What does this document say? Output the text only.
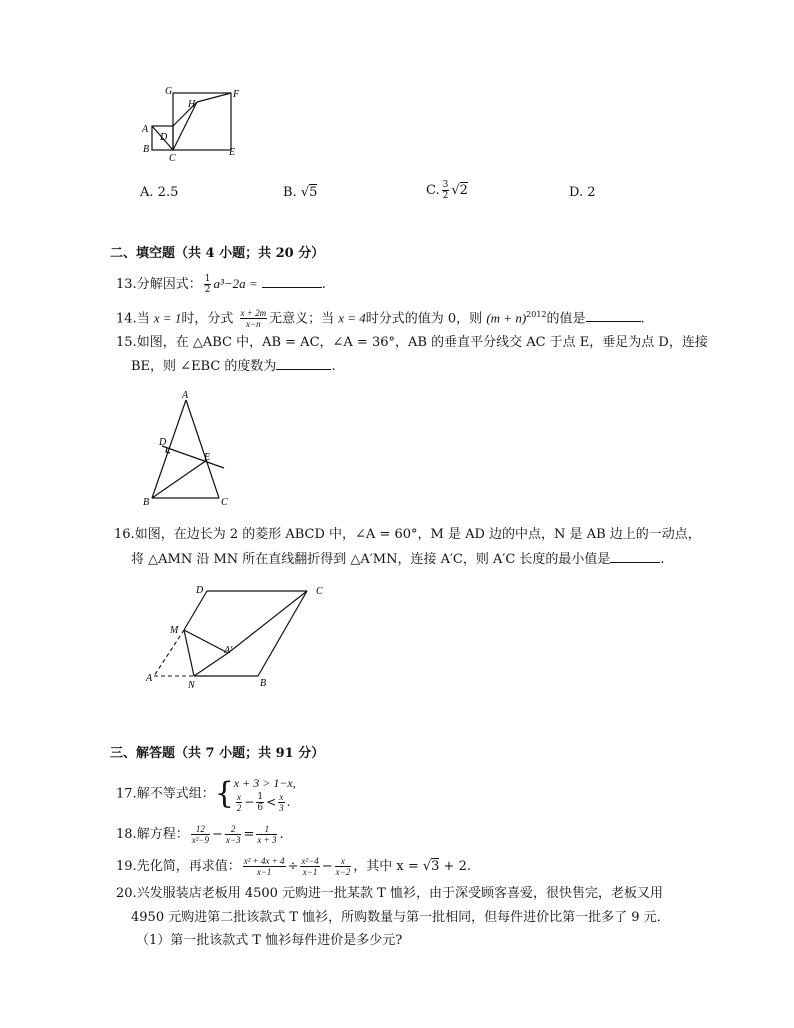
G	F
H
A
D
B
C
E
A. 2.5	B. √5	C. $\frac{3}{2} √2$	D. 2
二、填空题（共 4 小题；共 20 分）
13.分解因式： $\frac{1}{2} a^3-2a$ =	.
14.当 x = 1时，分式 $\frac{x + 2m}{x-n}$ 无意义；当 x = 4时分式的值为 0，则 $(m + n)^{2012}$的值是	.
15.如图，在 △ABC 中，AB = AC，∠A = 36°，AB 的垂直平分线交 AC 于点 E，垂足为点 D，连接
BE，则 ∠EBC 的度数为	.
A
D
E
B	C
16.如图，在边长为 2 的菱形 ABCD 中，∠A = 60°，M 是 AD 边的中点，N 是 AB 边上的一动点，
将 △AMN 沿 MN 所在直线翻折得到 △A′MN，连接 A′C，则 A′C 长度的最小值是	.
D	C
M
A′
A
N	B
三、解答题（共 7 小题；共 91 分）
17.解不等式组：{x + 3 > 1−x,

$\frac{x}{2} - \frac{1}{6} < \frac{x}{3}$ .
18.解方程： $\frac{12}{\text{x²−9}} - \frac{2}{x-3} = \frac{1}{x + 3}$ .
19.先化简，再求值： $\frac{\text{x² + 4x + 4}}{x-1} \div \frac{\text{x²−4}}{x-1} - \frac{x}{x-2}$ ，其中 x = √3 + 2.
20.兴发服装店老板用 4500 元购进一批某款 T 恤衫，由于深受顾客喜爱，很快售完，老板又用
4950 元购进第二批该款式 T 恤衫，所购数量与第一批相同，但每件进价比第一批多了 9 元．
（1）第一批该款式 T 恤衫每件进价是多少元?
